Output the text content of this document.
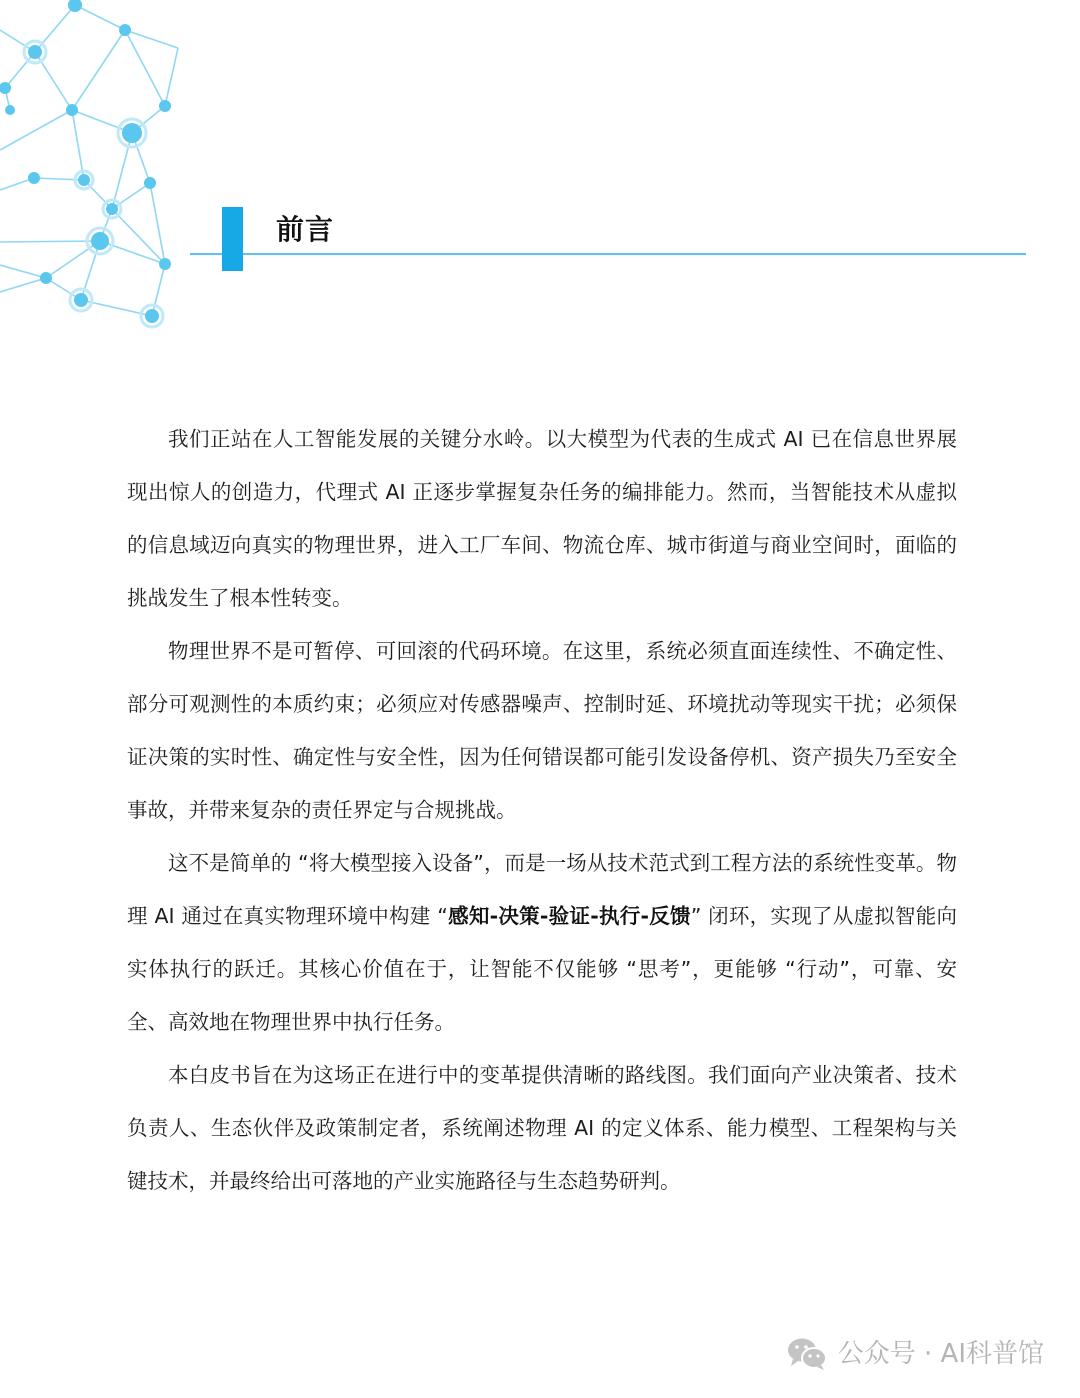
前言

我们正站在人工智能发展的关键分水岭。以大模型为代表的生成式 AI 已在信息世界展现出惊人的创造力，代理式 AI 正逐步掌握复杂任务的编排能力。然而，当智能技术从虚拟的信息域迈向真实的物理世界，进入工厂车间、物流仓库、城市街道与商业空间时，面临的挑战发生了根本性转变。

物理世界不是可暂停、可回滚的代码环境。在这里，系统必须直面连续性、不确定性、部分可观测性的本质约束；必须应对传感器噪声、控制时延、环境扰动等现实干扰；必须保证决策的实时性、确定性与安全性，因为任何错误都可能引发设备停机、资产损失乃至安全事故，并带来复杂的责任界定与合规挑战。

这不是简单的 “将大模型接入设备”，而是一场从技术范式到工程方法的系统性变革。物理 AI 通过在真实物理环境中构建 “感知-决策-验证-执行-反馈” 闭环，实现了从虚拟智能向实体执行的跃迁。其核心价值在于，让智能不仅能够 “思考”，更能够 “行动”，可靠、安全、高效地在物理世界中执行任务。

本白皮书旨在为这场正在进行中的变革提供清晰的路线图。我们面向产业决策者、技术负责人、生态伙伴及政策制定者，系统阐述物理 AI 的定义体系、能力模型、工程架构与关键技术，并最终给出可落地的产业实施路径与生态趋势研判。

公众号 · AI科普馆
